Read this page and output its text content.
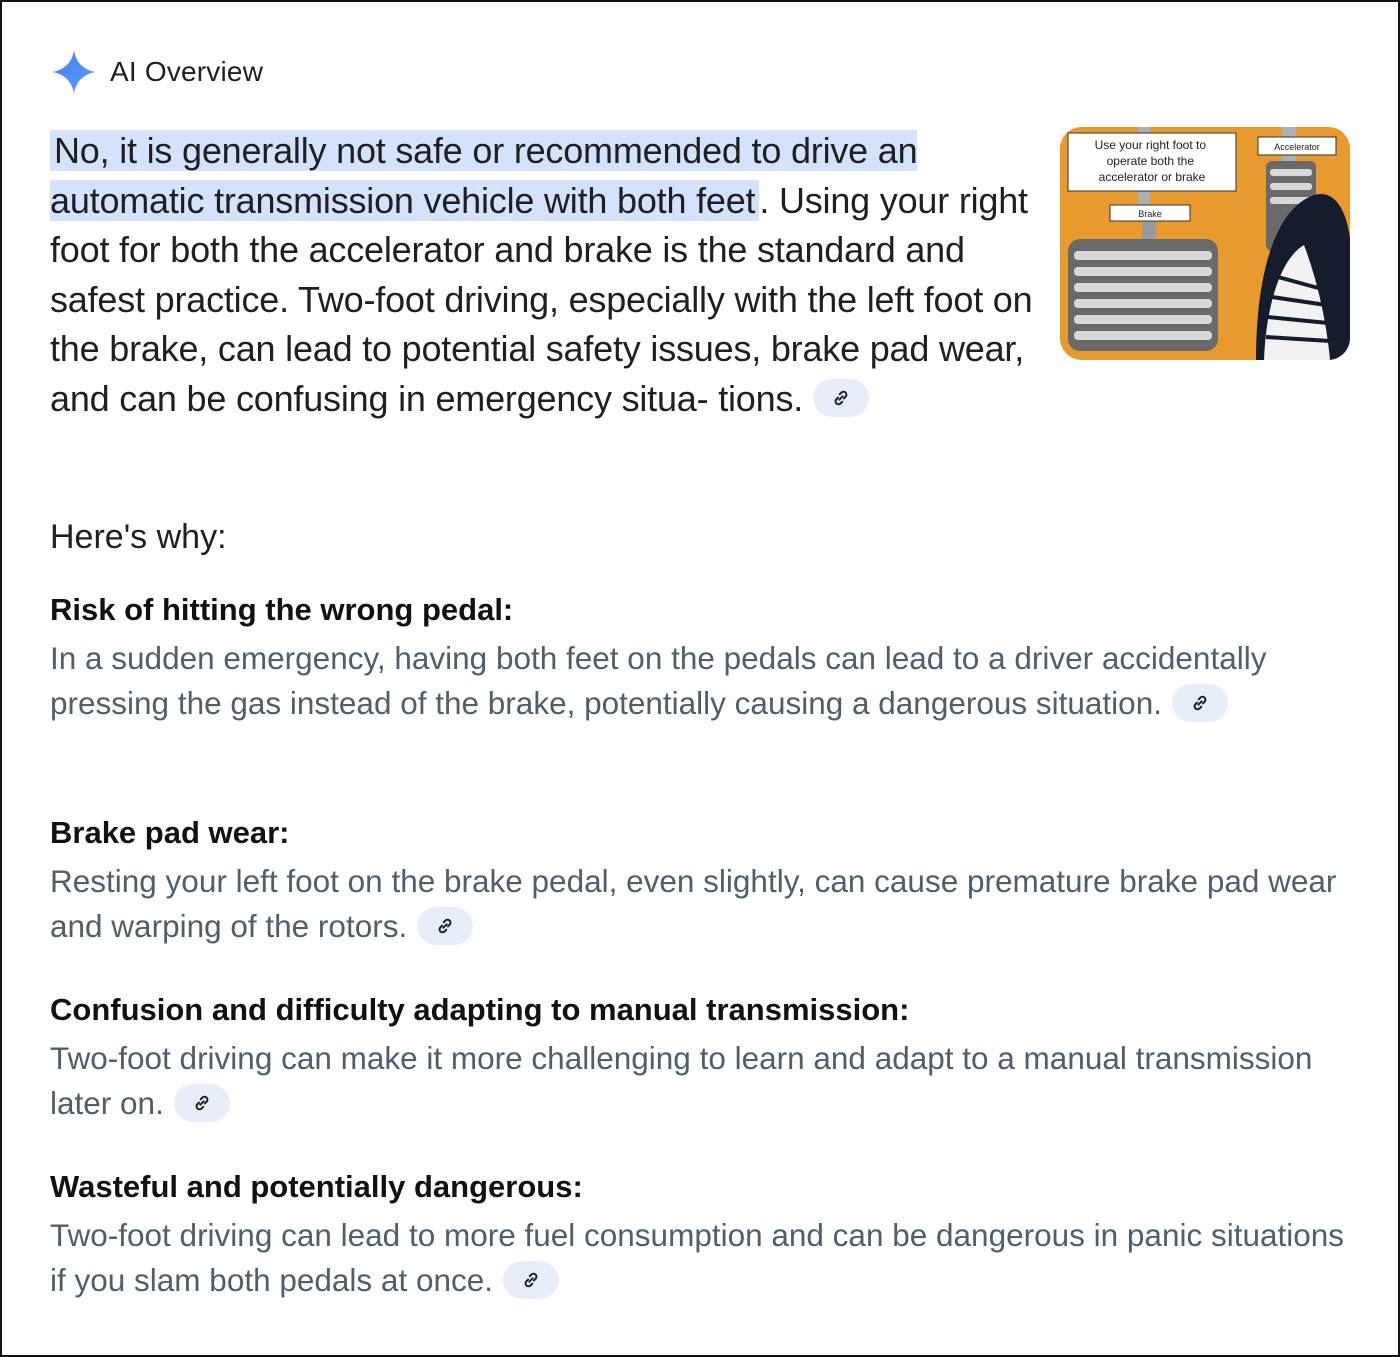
AI Overview
No, it is generally not safe or recommended to drive an automatic transmission vehicle with both feet . Using your right foot for both the accelerator and brake is the standard and safest practice. Two-foot driving, especially with the left foot on the brake, can lead to potential safety issues, brake pad wear, and can be confusing in emergency situa- tions.
Use your right foot to operate both the accelerator or brake
Accelerator
Brake
Here's why:
Risk of hitting the wrong pedal:

In a sudden emergency, having both feet on the pedals can lead to a driver accidentally pressing the gas instead of the brake, potentially causing a dangerous situation.

Brake pad wear:

Resting your left foot on the brake pedal, even slightly, can cause premature brake pad wear and warping of the rotors.

Confusion and difficulty adapting to manual transmission:

Two-foot driving can make it more challenging to learn and adapt to a manual transmission later on.

Wasteful and potentially dangerous:

Two-foot driving can lead to more fuel consumption and can be dangerous in panic situations if you slam both pedals at once.
